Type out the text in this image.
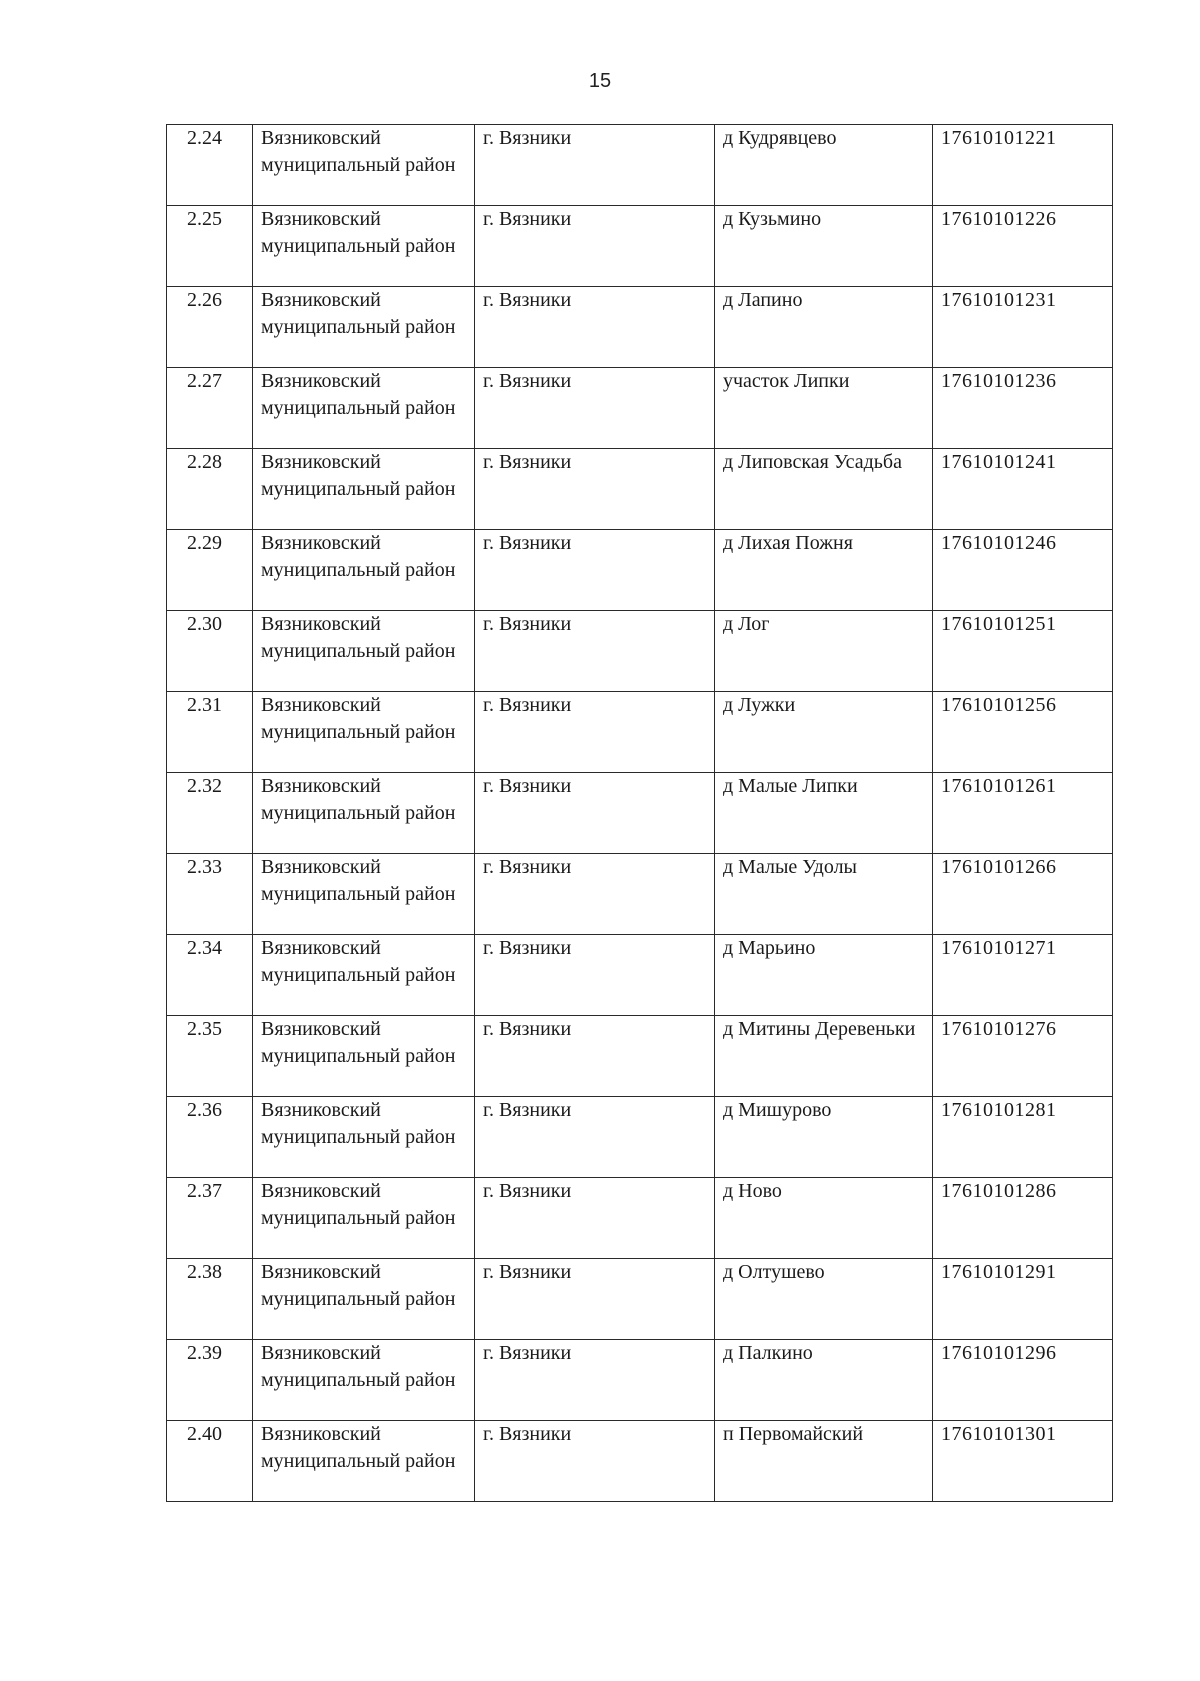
15
2.24	Вязниковский муниципальный район	г. Вязники	д Кудрявцево	17610101221
2.25	Вязниковский муниципальный район	г. Вязники	д Кузьмино	17610101226
2.26	Вязниковский муниципальный район	г. Вязники	д Лапино	17610101231
2.27	Вязниковский муниципальный район	г. Вязники	участок Липки	17610101236
2.28	Вязниковский муниципальный район	г. Вязники	д Липовская Усадьба	17610101241
2.29	Вязниковский муниципальный район	г. Вязники	д Лихая Пожня	17610101246
2.30	Вязниковский муниципальный район	г. Вязники	д Лог	17610101251
2.31	Вязниковский муниципальный район	г. Вязники	д Лужки	17610101256
2.32	Вязниковский муниципальный район	г. Вязники	д Малые Липки	17610101261
2.33	Вязниковский муниципальный район	г. Вязники	д Малые Удолы	17610101266
2.34	Вязниковский муниципальный район	г. Вязники	д Марьино	17610101271
2.35	Вязниковский муниципальный район	г. Вязники	д Митины Деревеньки	17610101276
2.36	Вязниковский муниципальный район	г. Вязники	д Мишурово	17610101281
2.37	Вязниковский муниципальный район	г. Вязники	д Ново	17610101286
2.38	Вязниковский муниципальный район	г. Вязники	д Олтушево	17610101291
2.39	Вязниковский муниципальный район	г. Вязники	д Палкино	17610101296
2.40	Вязниковский муниципальный район	г. Вязники	п Первомайский	17610101301
